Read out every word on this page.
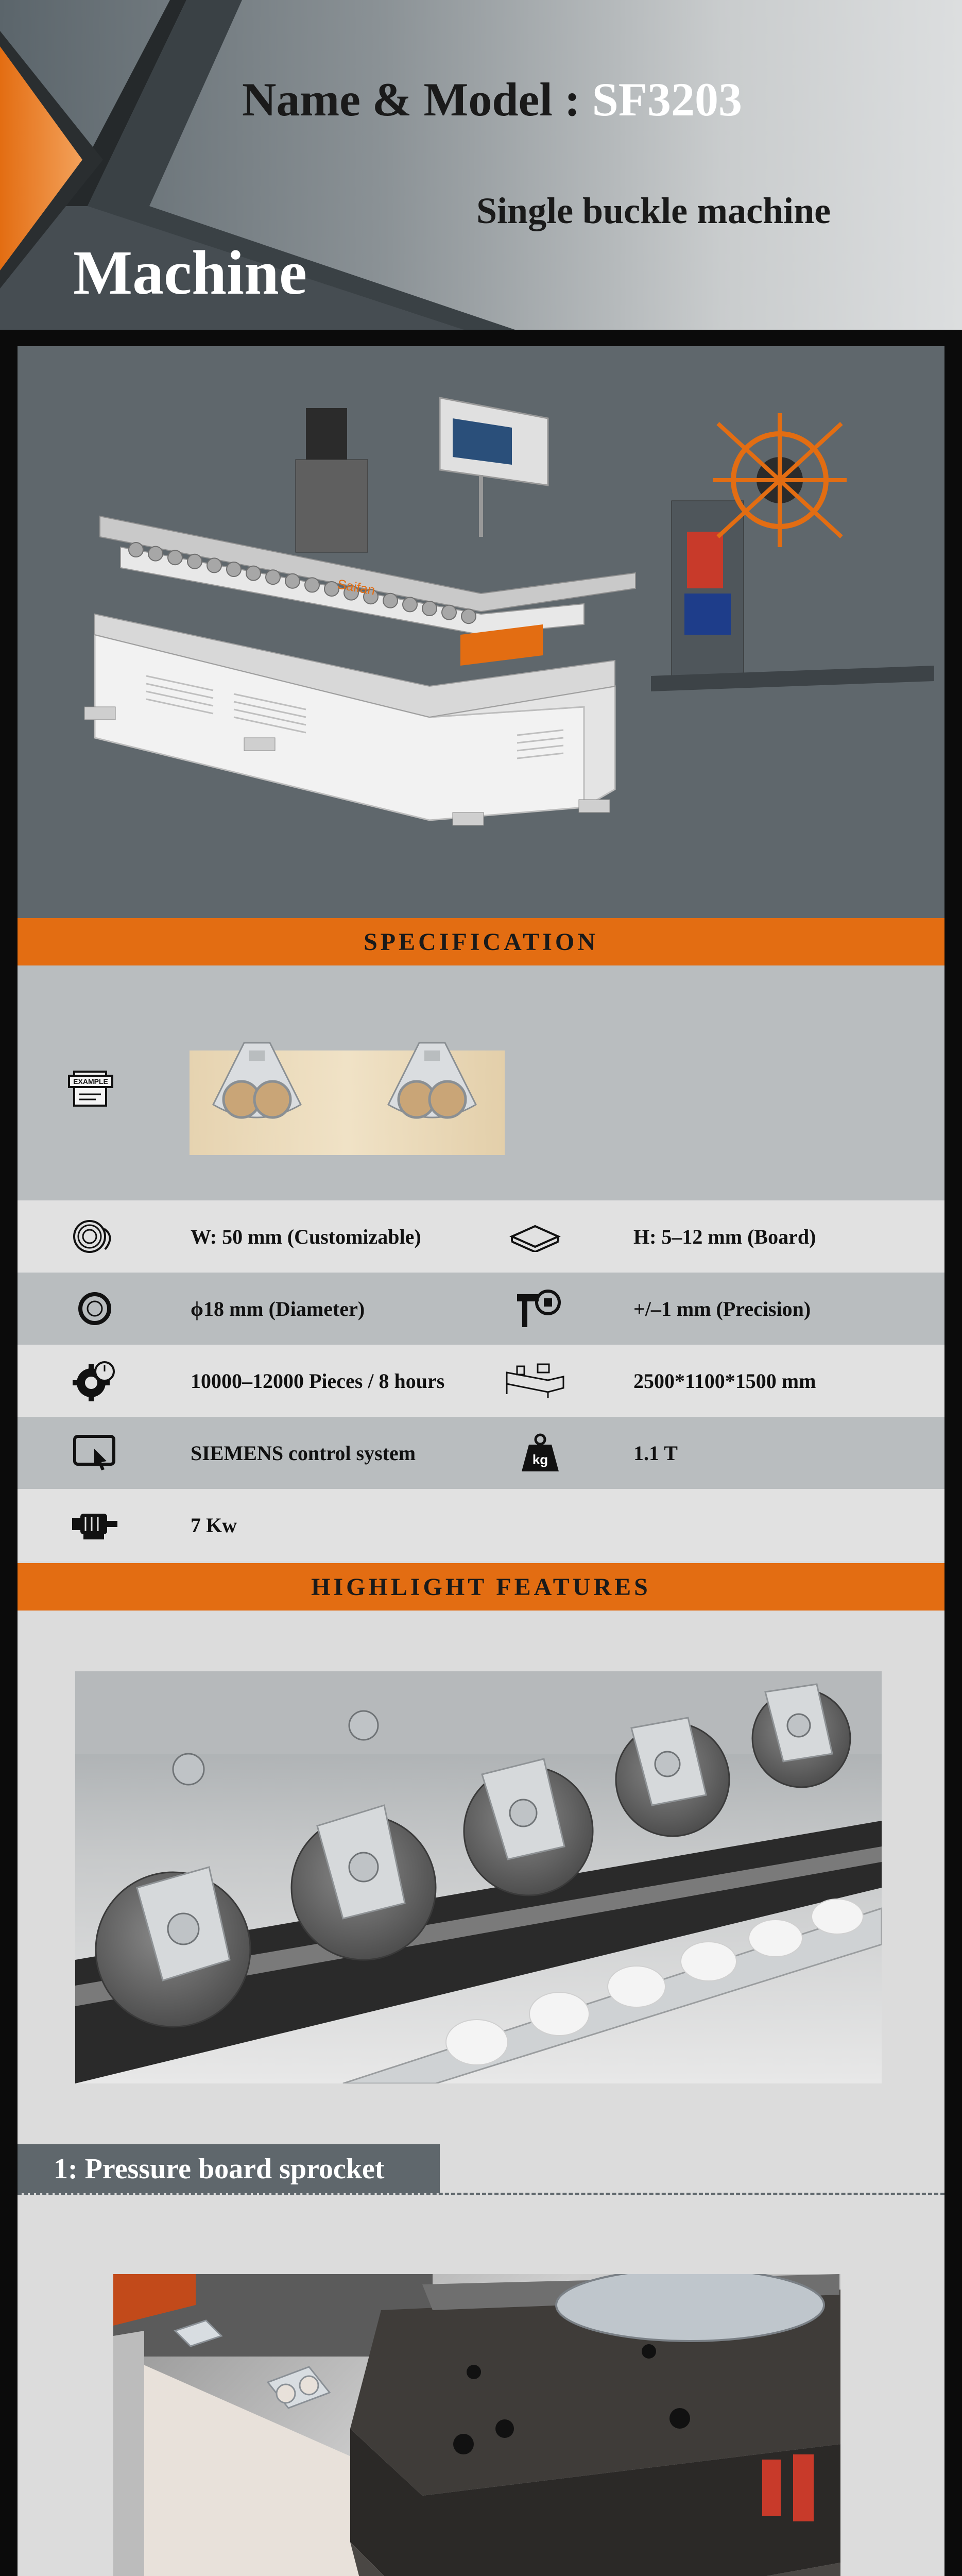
Name & Model : SF3203
Single buckle machine
Machine
Saifan
SPECIFICATION
EXAMPLE
W: 50 mm (Customizable)	H: 5–12 mm (Board)
ϕ18 mm (Diameter)	+/–1 mm (Precision)
10000–12000 Pieces / 8 hours	2500*1100*1500 mm
SIEMENS control system	kg	1.1 T
7 Kw
HIGHLIGHT FEATURES
1: Pressure board sprocket
